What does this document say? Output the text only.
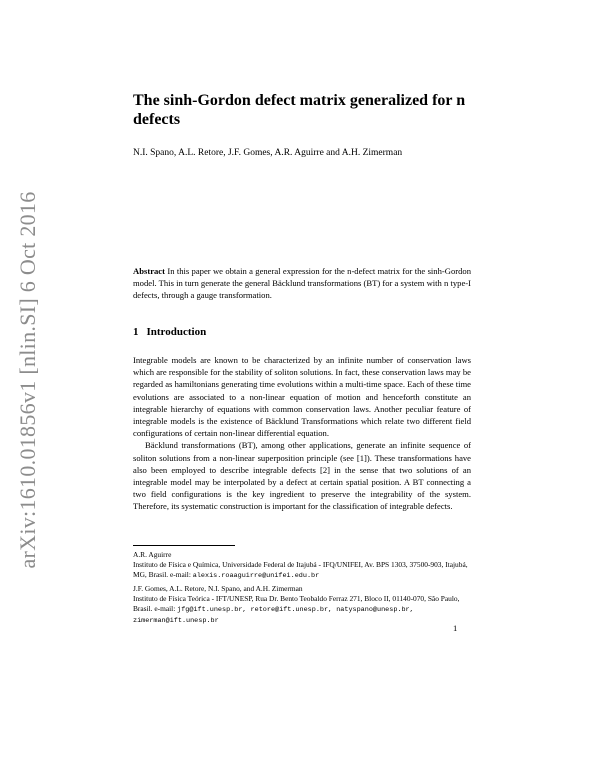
arXiv:1610.01856v1 [nlin.SI] 6 Oct 2016
The sinh-Gordon defect matrix generalized for n defects
N.I. Spano, A.L. Retore, J.F. Gomes, A.R. Aguirre and A.H. Zimerman

Abstract In this paper we obtain a general expression for the n-defect matrix for the sinh-Gordon model. This in turn generate the general Bäcklund transformations (BT) for a system with n type-I defects, through a gauge transformation.

1 Introduction

Integrable models are known to be characterized by an infinite number of conservation laws which are responsible for the stability of soliton solutions. In fact, these conservation laws may be regarded as hamiltonians generating time evolutions within a multi-time space. Each of these time evolutions are associated to a non-linear equation of motion and henceforth constitute an integrable hierarchy of equations with common conservation laws. Another peculiar feature of integrable models is the existence of Bäcklund Transformations which relate two different field configurations of certain non-linear differential equation.

Bäcklund transformations (BT), among other applications, generate an infinite sequence of soliton solutions from a non-linear superposition principle (see [1]). These transformations have also been employed to describe integrable defects [2] in the sense that two solutions of an integrable model may be interpolated by a defect at certain spatial position. A BT connecting a two field configurations is the key ingredient to preserve the integrability of the system. Therefore, its systematic construction is important for the classification of integrable defects.

A.R. Aguirre
Instituto de Física e Química, Universidade Federal de Itajubá - IFQ/UNIFEI, Av. BPS 1303, 37500-903, Itajubá, MG, Brasil. e-mail: alexis.roaaguirre@unifei.edu.br
J.F. Gomes, A.L. Retore, N.I. Spano, and A.H. Zimerman
Instituto de Física Teórica - IFT/UNESP, Rua Dr. Bento Teobaldo Ferraz 271, Bloco II, 01140-070, São Paulo, Brasil. e-mail: jfg@ift.unesp.br, retore@ift.unesp.br, natyspano@unesp.br, zimerman@ift.unesp.br
1
